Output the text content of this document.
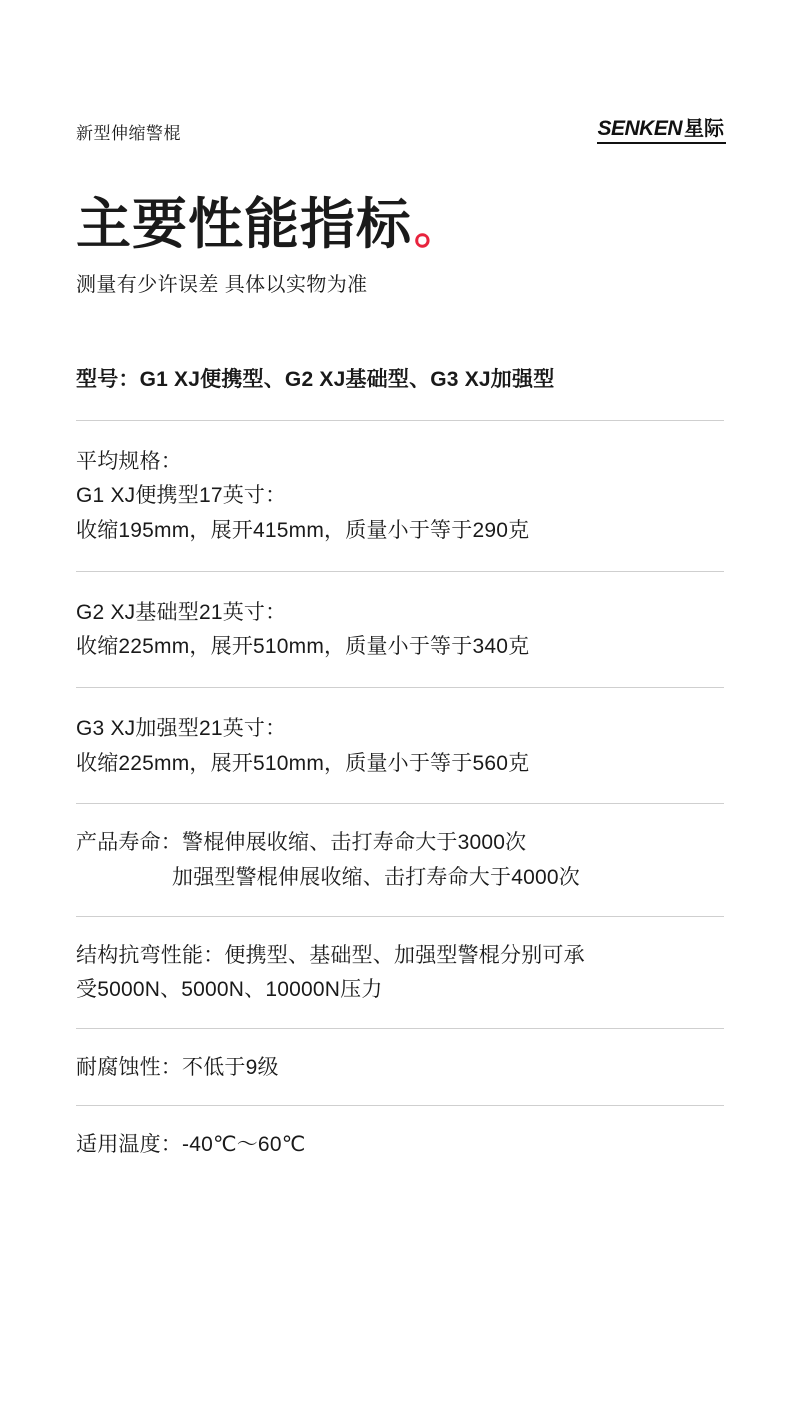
新型伸缩警棍	SENKEN 星际
主要性能指标 。
测量有少许误差 具体以实物为准
型号：G1 XJ便携型、G2 XJ基础型、G3 XJ加强型

平均规格：

G1 XJ便携型17英寸：

收缩195mm，展开415mm，质量小于等于290克

G2 XJ基础型21英寸：

收缩225mm，展开510mm，质量小于等于340克

G3 XJ加强型21英寸：

收缩225mm，展开510mm，质量小于等于560克

产品寿命：警棍伸展收缩、击打寿命大于3000次

加强型警棍伸展收缩、击打寿命大于4000次

结构抗弯性能：便携型、基础型、加强型警棍分别可承

受5000N、5000N、10000N压力

耐腐蚀性：不低于9级

适用温度：-40℃～60℃
